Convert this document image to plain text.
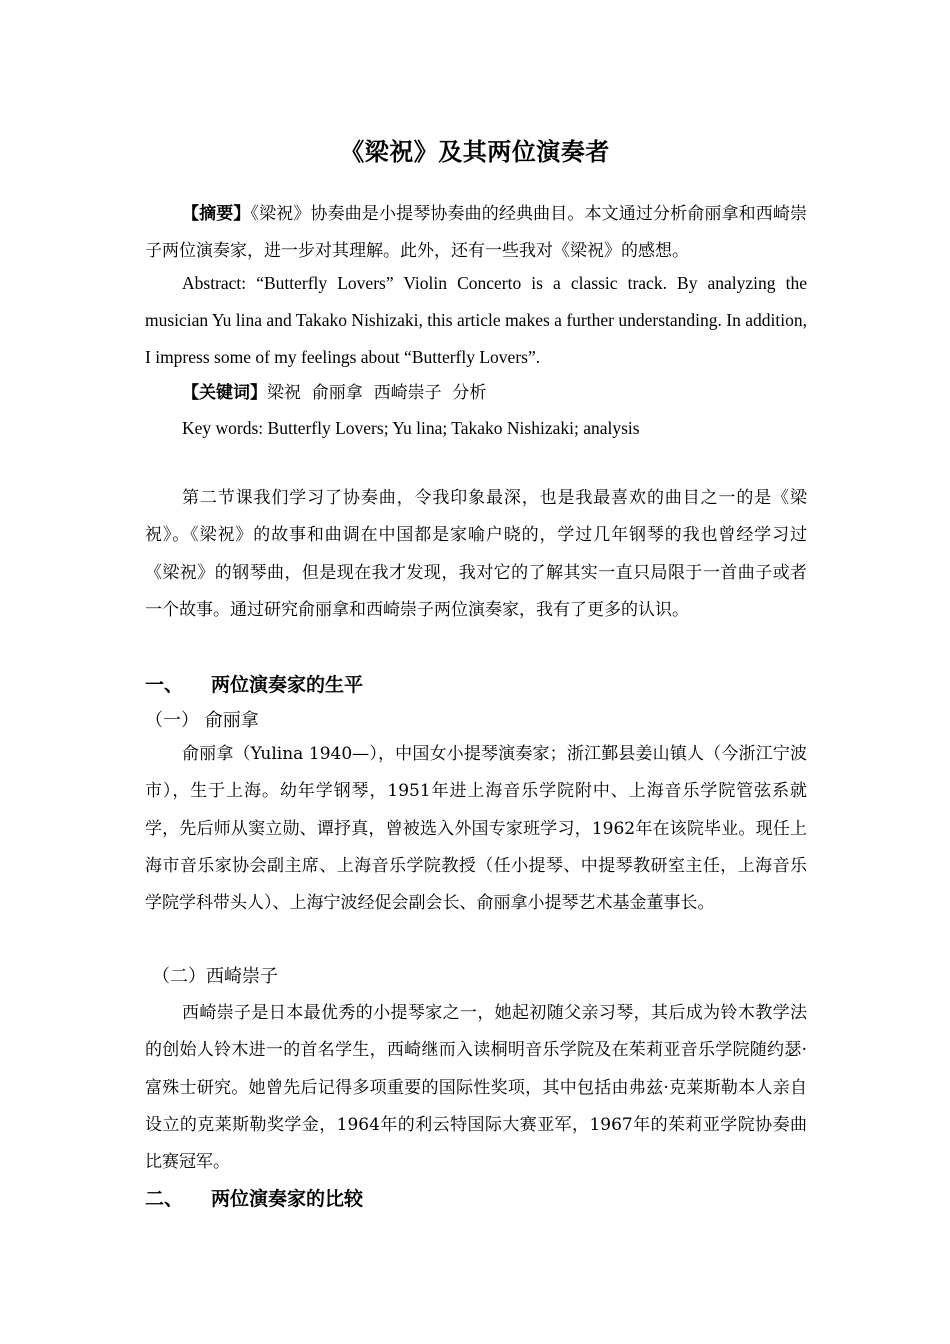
《梁祝》及其两位演奏者
【摘要】《梁祝》协奏曲是小提琴协奏曲的经典曲目。本文通过分析俞丽拿和西崎崇子两位演奏家，进一步对其理解。此外，还有一些我对《梁祝》的感想。
Abstract: “Butterfly Lovers” Violin Concerto is a classic track. By analyzing the musician Yu lina and Takako Nishizaki, this article makes a further understanding. In addition, I impress some of my feelings about “Butterfly Lovers”.
【关键词】梁祝  俞丽拿  西崎崇子  分析
Key words: Butterfly Lovers; Yu lina; Takako Nishizaki; analysis
第二节课我们学习了协奏曲，令我印象最深，也是我最喜欢的曲目之一的是《梁祝》。《梁祝》的故事和曲调在中国都是家喻户晓的，学过几年钢琴的我也曾经学习过《梁祝》的钢琴曲，但是现在我才发现，我对它的了解其实一直只局限于一首曲子或者一个故事。通过研究俞丽拿和西崎崇子两位演奏家，我有了更多的认识。
一、 两位演奏家的生平
（一） 俞丽拿
俞丽拿（Yulina 1940—），中国女小提琴演奏家；浙江鄞县姜山镇人（今浙江宁波市），生于上海。幼年学钢琴，1951年进上海音乐学院附中、上海音乐学院管弦系就学，先后师从窦立勋、谭抒真，曾被选入外国专家班学习，1962年在该院毕业。现任上海市音乐家协会副主席、上海音乐学院教授（任小提琴、中提琴教研室主任，上海音乐学院学科带头人）、上海宁波经促会副会长、俞丽拿小提琴艺术基金董事长。
（二）西崎崇子
西崎崇子是日本最优秀的小提琴家之一，她起初随父亲习琴，其后成为铃木教学法的创始人铃木进一的首名学生，西崎继而入读桐明音乐学院及在茱莉亚音乐学院随约瑟·富殊士研究。她曾先后记得多项重要的国际性奖项，其中包括由弗兹·克莱斯勒本人亲自设立的克莱斯勒奖学金，1964年的利云特国际大赛亚军，1967年的茱莉亚学院协奏曲比赛冠军。
二、 两位演奏家的比较
